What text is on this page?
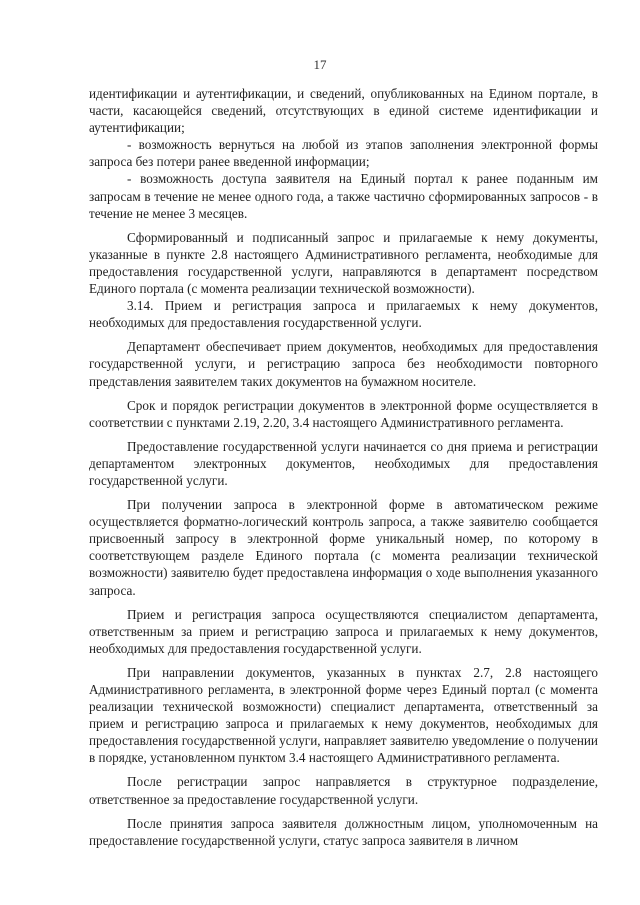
17

идентификации и аутентификации, и сведений, опубликованных на Едином портале, в части, касающейся сведений, отсутствующих в единой системе идентификации и аутентификации;

- возможность вернуться на любой из этапов заполнения электронной формы запроса без потери ранее введенной информации;

- возможность доступа заявителя на Единый портал к ранее поданным им запросам в течение не менее одного года, а также частично сформированных запросов - в течение не менее 3 месяцев.

Сформированный и подписанный запрос и прилагаемые к нему документы, указанные в пункте 2.8 настоящего Административного регламента, необходимые для предоставления государственной услуги, направляются в департамент посредством Единого портала (с момента реализации технической возможности).

3.14. Прием и регистрация запроса и прилагаемых к нему документов, необходимых для предоставления государственной услуги.

Департамент обеспечивает прием документов, необходимых для предоставления государственной услуги, и регистрацию запроса без необходимости повторного представления заявителем таких документов на бумажном носителе.

Срок и порядок регистрации документов в электронной форме осуществляется в соответствии с пунктами 2.19, 2.20, 3.4 настоящего Административного регламента.

Предоставление государственной услуги начинается со дня приема и регистрации департаментом электронных документов, необходимых для предоставления государственной услуги.

При получении запроса в электронной форме в автоматическом режиме осуществляется форматно-логический контроль запроса, а также заявителю сообщается присвоенный запросу в электронной форме уникальный номер, по которому в соответствующем разделе Единого портала (с момента реализации технической возможности) заявителю будет предоставлена информация о ходе выполнения указанного запроса.

Прием и регистрация запроса осуществляются специалистом департамента, ответственным за прием и регистрацию запроса и прилагаемых к нему документов, необходимых для предоставления государственной услуги.

При направлении документов, указанных в пунктах 2.7, 2.8 настоящего Административного регламента, в электронной форме через Единый портал (с момента реализации технической возможности) специалист департамента, ответственный за прием и регистрацию запроса и прилагаемых к нему документов, необходимых для предоставления государственной услуги, направляет заявителю уведомление о получении в порядке, установленном пунктом 3.4 настоящего Административного регламента.

После регистрации запрос направляется в структурное подразделение, ответственное за предоставление государственной услуги.

После принятия запроса заявителя должностным лицом, уполномоченным на предоставление государственной услуги, статус запроса заявителя в личном
